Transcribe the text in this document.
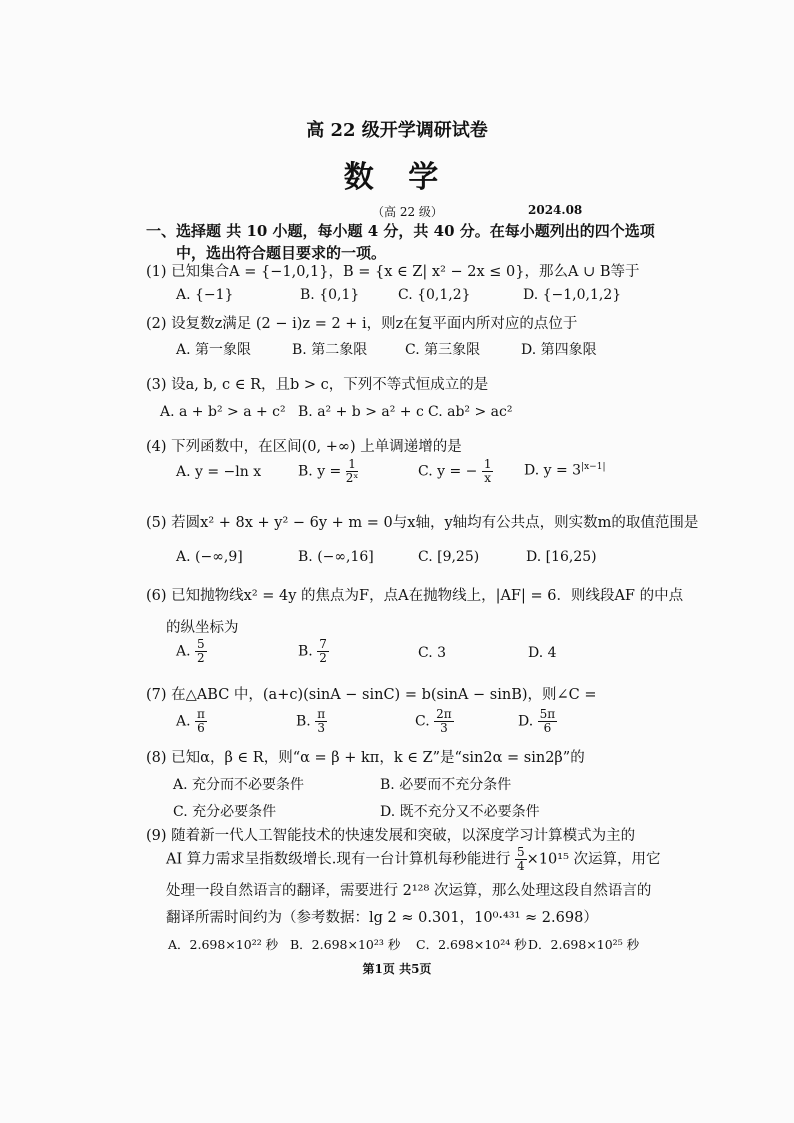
高 22 级开学调研试卷
数 学
（高 22 级）	2024.08
一、选择题 共 10 小题，每小题 4 分，共 40 分。在每小题列出的四个选项
中，选出符合题目要求的一项。
(1) 已知集合A = {−1,0,1}，B = {x ∈ Z| x² − 2x ≤ 0}，那么A ∪ B等于
A. {−1}	B. {0,1}	C. {0,1,2}	D. {−1,0,1,2}
(2) 设复数z满足 (2 − i)z = 2 + i，则z在复平面内所对应的点位于
A. 第一象限	B. 第二象限	C. 第三象限	D. 第四象限
(3) 设a, b, c ∈ R，且b > c，下列不等式恒成立的是
A. a + b² > a + c² B. a² + b > a² + c C. ab² > ac²
(4) 下列函数中，在区间(0, +∞) 上单调递增的是
A. y = −ln x	B. $y = \frac{1}{\text{2ˣ}}$	C. y = − $\frac{1}{x} D$. $y = 3^{|x-1|}$
(5) 若圆x² + 8x + y² − 6y + m = 0与x轴，y轴均有公共点，则实数m的取值范围是
A. (−∞,9]	B. (−∞,16]	C. [9,25)	D. [16,25)
(6) 已知抛物线x² = 4y 的焦点为F，点A在抛物线上，|AF| = 6．则线段AF 的中点
的纵坐标为
A. $\frac{5}{2}$	B. $\frac{7}{2}$	C. 3	D. 4
(7) 在△ABC 中，(a+c)(sinA − sinC) = b(sinA − sinB)，则∠C =
A. $\frac{\pi}{6}$	B. $\frac{\pi}{3}$	C. $\frac{2\pi}{3}$	D. $\frac{5\pi}{6}$
(8) 已知α，β ∈ R，则“α = β + kπ，k ∈ Z”是“sin2α = sin2β”的
A. 充分而不必要条件	B. 必要而不充分条件
C. 充分必要条件	D. 既不充分又不必要条件
(9) 随着新一代人工智能技术的快速发展和突破，以深度学习计算模式为主的
AI 算力需求呈指数级增长.现有一台计算机每秒能进行 $\frac{5}{4} \times 10^{15}$ 次运算，用它
处理一段自然语言的翻译，需要进行 2¹²⁸ 次运算，那么处理这段自然语言的
翻译所需时间约为（参考数据：lg 2 ≈ 0.301，10⁰·⁴³¹ ≈ 2.698）
A．2.698×10²² 秒 B．2.698×10²³ 秒 C．2.698×10²⁴ 秒 D．2.698×10²⁵ 秒
第1页 共5页
